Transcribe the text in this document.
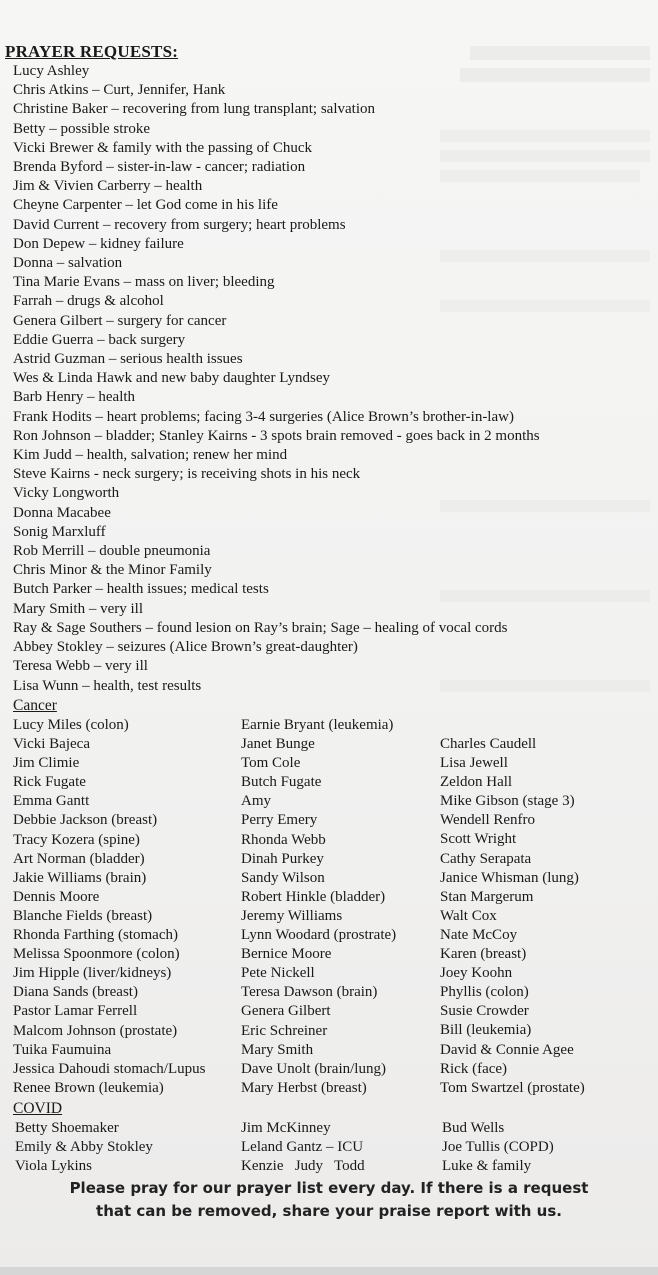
PRAYER REQUESTS:
Lucy Ashley
Chris Atkins – Curt, Jennifer, Hank
Christine Baker – recovering from lung transplant; salvation
Betty – possible stroke
Vicki Brewer & family with the passing of Chuck
Brenda Byford – sister-in-law - cancer; radiation
Jim & Vivien Carberry – health
Cheyne Carpenter – let God come in his life
David Current – recovery from surgery; heart problems
Don Depew – kidney failure
Donna – salvation
Tina Marie Evans – mass on liver; bleeding
Farrah – drugs & alcohol
Genera Gilbert – surgery for cancer
Eddie Guerra – back surgery
Astrid Guzman – serious health issues
Wes & Linda Hawk and new baby daughter Lyndsey
Barb Henry – health
Frank Hodits – heart problems; facing 3-4 surgeries (Alice Brown’s brother-in-law)
Ron Johnson – bladder; Stanley Kairns - 3 spots brain removed - goes back in 2 months
Kim Judd – health, salvation; renew her mind
Steve Kairns - neck surgery; is receiving shots in his neck
Vicky Longworth
Donna Macabee
Sonig Marxluff
Rob Merrill – double pneumonia
Chris Minor & the Minor Family
Butch Parker – health issues; medical tests
Mary Smith – very ill
Ray & Sage Southers – found lesion on Ray’s brain; Sage – healing of vocal cords
Abbey Stokley – seizures (Alice Brown’s great-daughter)
Teresa Webb – very ill
Lisa Wunn – health, test results
Cancer
Lucy Miles (colon)
Vicki Bajeca
Jim Climie
Rick Fugate
Emma Gantt
Debbie Jackson (breast)
Tracy Kozera (spine)
Art Norman (bladder)
Jakie Williams (brain)
Dennis Moore
Blanche Fields (breast)
Rhonda Farthing (stomach)
Melissa Spoonmore (colon)
Jim Hipple (liver/kidneys)
Diana Sands (breast)
Pastor Lamar Ferrell
Malcom Johnson (prostate)
Tuika Faumuina
Jessica Dahoudi stomach/Lupus
Renee Brown (leukemia)
Earnie Bryant (leukemia)
Janet Bunge
Tom Cole
Butch Fugate
Amy
Perry Emery
Rhonda Webb
Dinah Purkey
Sandy Wilson
Robert Hinkle (bladder)
Jeremy Williams
Lynn Woodard (prostrate)
Bernice Moore
Pete Nickell
Teresa Dawson (brain)
Genera Gilbert
Eric Schreiner
Mary Smith
Dave Unolt (brain/lung)
Mary Herbst (breast)
Charles Caudell
Lisa Jewell
Zeldon Hall
Mike Gibson (stage 3)
Wendell Renfro
Scott Wright
Cathy Serapata
Janice Whisman (lung)
Stan Margerum
Walt Cox
Nate McCoy
Karen (breast)
Joey Koohn
Phyllis (colon)
Susie Crowder
Bill (leukemia)
David & Connie Agee
Rick (face)
Tom Swartzel (prostate)
COVID
Betty Shoemaker
Emily & Abby Stokley
Viola Lykins
Jim McKinney
Leland Gantz – ICU
Kenzie   Judy   Todd
Bud Wells
Joe Tullis (COPD)
Luke & family
Please pray for our prayer list every day. If there is a request
that can be removed, share your praise report with us.
